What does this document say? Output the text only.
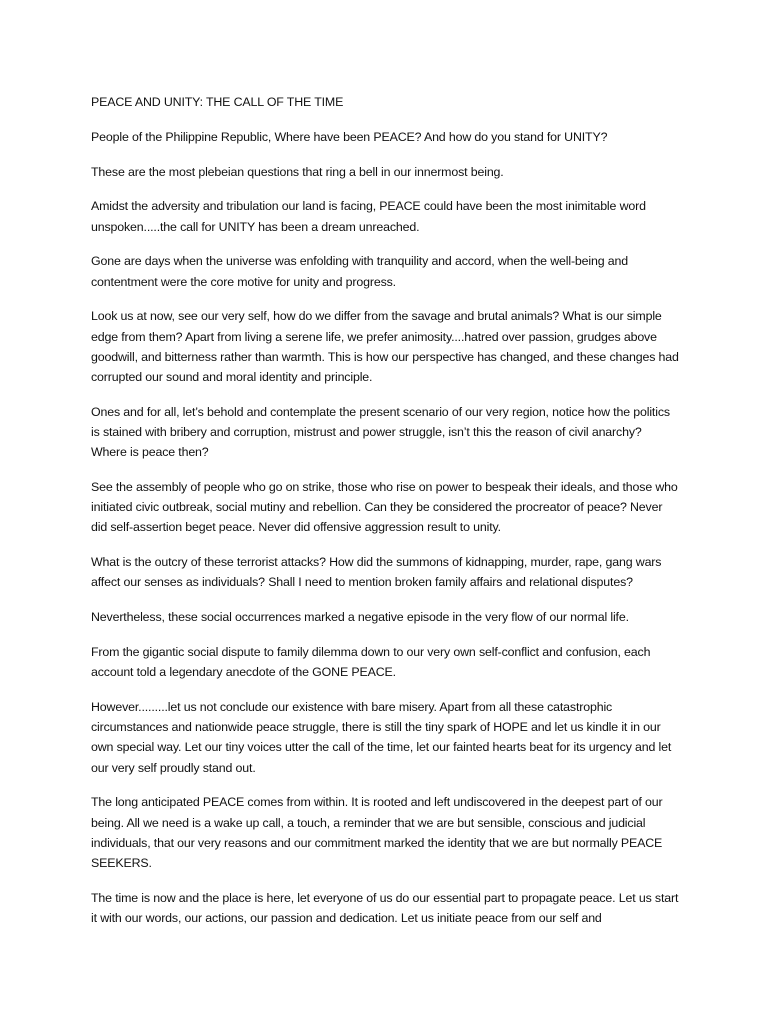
PEACE AND UNITY: THE CALL OF THE TIME

People of the Philippine Republic, Where have been PEACE? And how do you stand for UNITY?

These are the most plebeian questions that ring a bell in our innermost being.

Amidst the adversity and tribulation our land is facing, PEACE could have been the most inimitable word unspoken.....the call for UNITY has been a dream unreached.

Gone are days when the universe was enfolding with tranquility and accord, when the well-being and contentment were the core motive for unity and progress.

Look us at now, see our very self, how do we differ from the savage and brutal animals? What is our simple edge from them? Apart from living a serene life, we prefer animosity....hatred over passion, grudges above goodwill, and bitterness rather than warmth. This is how our perspective has changed, and these changes had corrupted our sound and moral identity and principle.

Ones and for all, let’s behold and contemplate the present scenario of our very region, notice how the politics is stained with bribery and corruption, mistrust and power struggle, isn’t this the reason of civil anarchy? Where is peace then?

See the assembly of people who go on strike, those who rise on power to bespeak their ideals, and those who initiated civic outbreak, social mutiny and rebellion. Can they be considered the procreator of peace? Never did self-assertion beget peace. Never did offensive aggression result to unity.

What is the outcry of these terrorist attacks? How did the summons of kidnapping, murder, rape, gang wars affect our senses as individuals? Shall I need to mention broken family affairs and relational disputes?

Nevertheless, these social occurrences marked a negative episode in the very flow of our normal life.

From the gigantic social dispute to family dilemma down to our very own self-conflict and confusion, each account told a legendary anecdote of the GONE PEACE.

However.........let us not conclude our existence with bare misery. Apart from all these catastrophic circumstances and nationwide peace struggle, there is still the tiny spark of HOPE and let us kindle it in our own special way. Let our tiny voices utter the call of the time, let our fainted hearts beat for its urgency and let our very self proudly stand out.

The long anticipated PEACE comes from within. It is rooted and left undiscovered in the deepest part of our being. All we need is a wake up call, a touch, a reminder that we are but sensible, conscious and judicial individuals, that our very reasons and our commitment marked the identity that we are but normally PEACE SEEKERS.

The time is now and the place is here, let everyone of us do our essential part to propagate peace. Let us start it with our words, our actions, our passion and dedication. Let us initiate peace from our self and
